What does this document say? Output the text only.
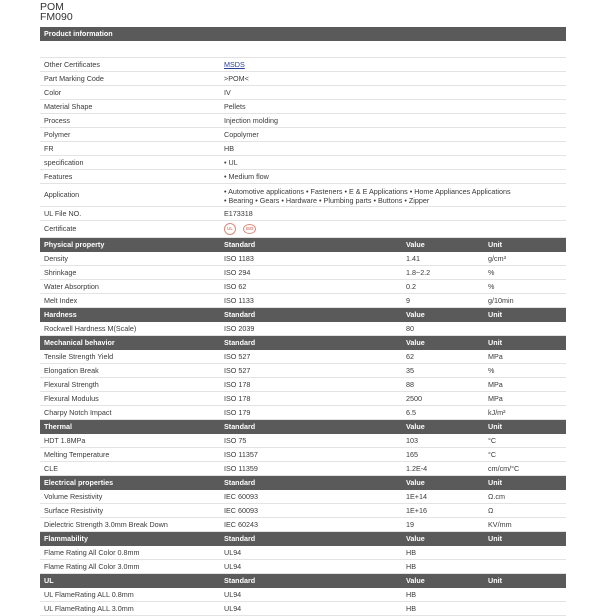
POM
FM090
Product information
Other Certificates	MSDS
Part Marking Code	>POM<
Color	IV
Material Shape	Pellets
Process	Injection molding
Polymer	Copolymer
FR	HB
specification	• UL
Features	• Medium flow
Application	• Automotive applications • Fasteners • E & E Applications • Home Appliances Applications
• Bearing • Gears • Hardware • Plumbing parts • Buttons • Zipper
UL File NO.	E173318
Certificate	UL	ISO
Physical property	Standard	Value	Unit
Density	ISO 1183	1.41	g/cm³
Shrinkage	ISO 294	1.8~2.2	%
Water Absorption	ISO 62	0.2	%
Melt Index	ISO 1133	9	g/10min
Hardness	Standard	Value	Unit
Rockwell Hardness M(Scale)	ISO 2039	80
Mechanical behavior	Standard	Value	Unit
Tensile Strength Yield	ISO 527	62	MPa
Elongation Break	ISO 527	35	%
Flexural Strength	ISO 178	88	MPa
Flexural Modulus	ISO 178	2500	MPa
Charpy Notch Impact	ISO 179	6.5	kJ/m²
Thermal	Standard	Value	Unit
HDT 1.8MPa	ISO 75	103	°C
Melting Temperature	ISO 11357	165	°C
CLE	ISO 11359	1.2E-4	cm/cm/°C
Electrical properties	Standard	Value	Unit
Volume Resistivity	IEC 60093	1E+14	Ω.cm
Surface Resistivity	IEC 60093	1E+16	Ω
Dielectric Strength 3.0mm Break Down	IEC 60243	19	KV/mm
Flammability	Standard	Value	Unit
Flame Rating All Color 0.8mm	UL94	HB
Flame Rating All Color 3.0mm	UL94	HB
UL	Standard	Value	Unit
UL FlameRating ALL 0.8mm	UL94	HB
UL FlameRating ALL 3.0mm	UL94	HB
